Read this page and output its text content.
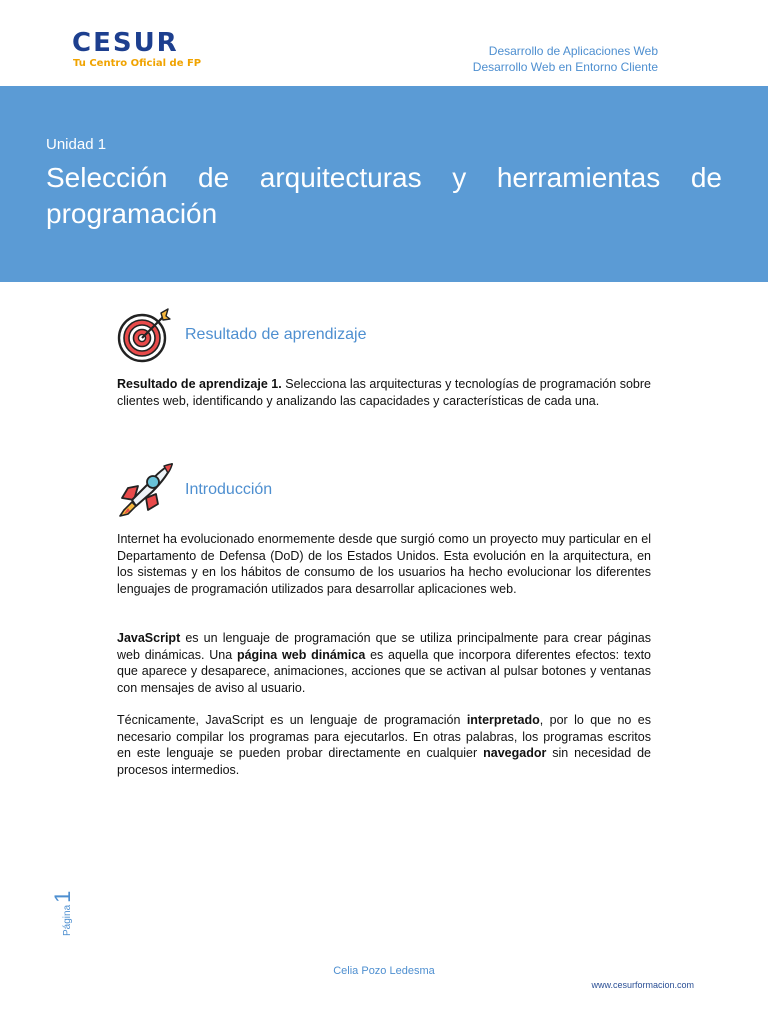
CESUR
Tu Centro Oficial de FP
Desarrollo de Aplicaciones Web
Desarrollo Web en Entorno Cliente
Unidad 1
Selección de arquitecturas y herramientas de programación
Resultado de aprendizaje
Resultado de aprendizaje 1. Selecciona las arquitecturas y tecnologías de programación sobre clientes web, identificando y analizando las capacidades y características de cada una.
Introducción
Internet ha evolucionado enormemente desde que surgió como un proyecto muy particular en el Departamento de Defensa (DoD) de los Estados Unidos. Esta evolución en la arquitectura, en los sistemas y en los hábitos de consumo de los usuarios ha hecho evolucionar los diferentes lenguajes de programación utilizados para desarrollar aplicaciones web.
JavaScript es un lenguaje de programación que se utiliza principalmente para crear páginas web dinámicas. Una página web dinámica es aquella que incorpora diferentes efectos: texto que aparece y desaparece, animaciones, acciones que se activan al pulsar botones y ventanas con mensajes de aviso al usuario.
Técnicamente, JavaScript es un lenguaje de programación interpretado, por lo que no es necesario compilar los programas para ejecutarlos. En otras palabras, los programas escritos en este lenguaje se pueden probar directamente en cualquier navegador sin necesidad de procesos intermedios.
Página1
Celia Pozo Ledesma
www.cesurformacion.com
